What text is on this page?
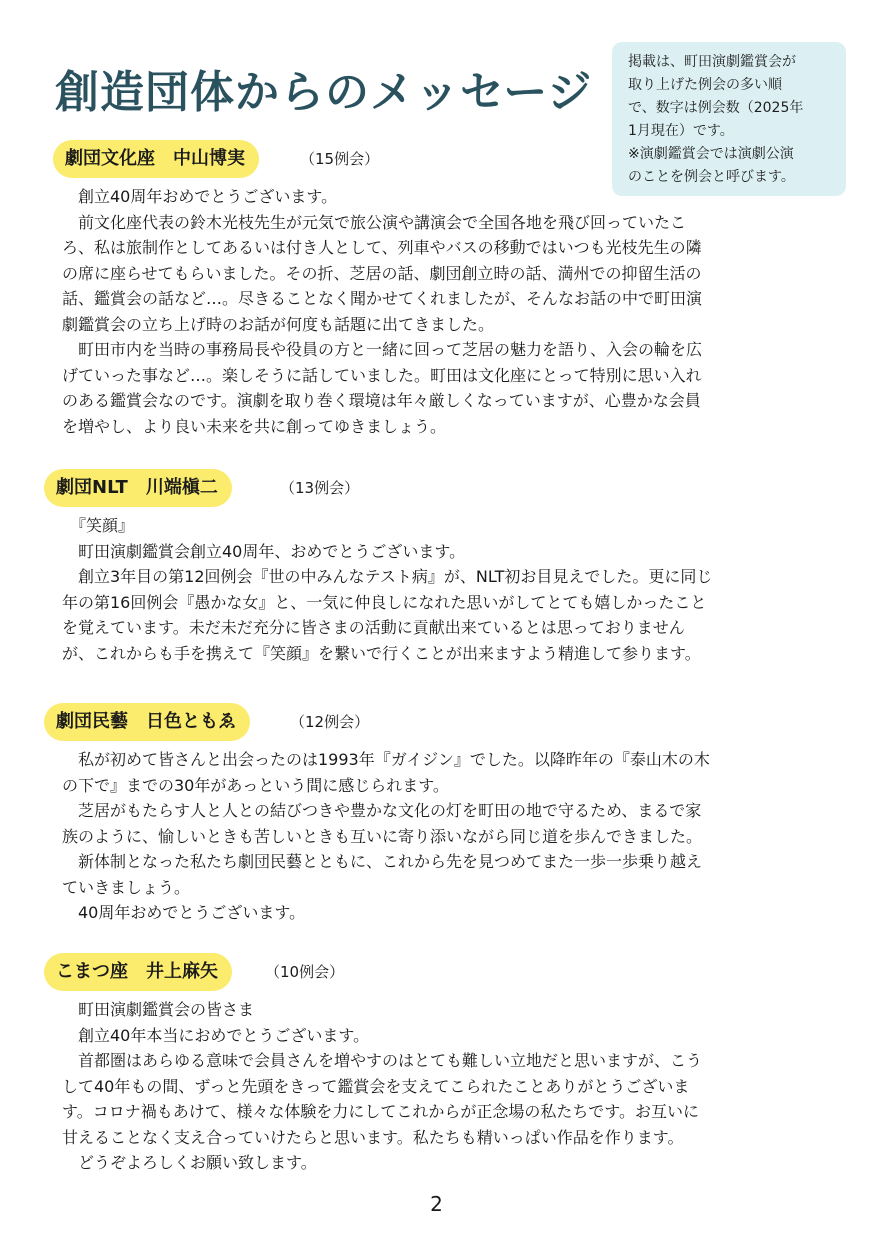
創造団体からのメッセージ
掲載は、町田演劇鑑賞会が
取り上げた例会の多い順
で、数字は例会数（2025年
1月現在）です。
※演劇鑑賞会では演劇公演
のことを例会と呼びます。
劇団文化座　中山博実	（15例会）

　創立40周年おめでとうございます。

　前文化座代表の鈴木光枝先生が元気で旅公演や講演会で全国各地を飛び回っていたこ

ろ、私は旅制作としてあるいは付き人として、列車やバスの移動ではいつも光枝先生の隣

の席に座らせてもらいました。その折、芝居の話、劇団創立時の話、満州での抑留生活の

話、鑑賞会の話など…。尽きることなく聞かせてくれましたが、そんなお話の中で町田演

劇鑑賞会の立ち上げ時のお話が何度も話題に出てきました。

　町田市内を当時の事務局長や役員の方と一緒に回って芝居の魅力を語り、入会の輪を広

げていった事など…。楽しそうに話していました。町田は文化座にとって特別に思い入れ

のある鑑賞会なのです。演劇を取り巻く環境は年々厳しくなっていますが、心豊かな会員

を増やし、より良い未来を共に創ってゆきましょう。

劇団NLT　川端槇二	（13例会）

　『笑顔』

　町田演劇鑑賞会創立40周年、おめでとうございます。

　創立3年目の第12回例会『世の中みんなテスト病』が、NLT初お目見えでした。更に同じ

年の第16回例会『愚かな女』と、一気に仲良しになれた思いがしてとても嬉しかったこと

を覚えています。未だ未だ充分に皆さまの活動に貢献出来ているとは思っておりません

が、これからも手を携えて『笑顔』を繋いで行くことが出来ますよう精進して参ります。

劇団民藝　日色ともゑ	（12例会）

　私が初めて皆さんと出会ったのは1993年『ガイジン』でした。以降昨年の『泰山木の木

の下で』までの30年があっという間に感じられます。

　芝居がもたらす人と人との結びつきや豊かな文化の灯を町田の地で守るため、まるで家

族のように、愉しいときも苦しいときも互いに寄り添いながら同じ道を歩んできました。

　新体制となった私たち劇団民藝とともに、これから先を見つめてまた一歩一歩乗り越え

ていきましょう。

　40周年おめでとうございます。

こまつ座　井上麻矢	（10例会）

　町田演劇鑑賞会の皆さま

　創立40年本当におめでとうございます。

　首都圏はあらゆる意味で会員さんを増やすのはとても難しい立地だと思いますが、こう

して40年もの間、ずっと先頭をきって鑑賞会を支えてこられたことありがとうございま

す。コロナ禍もあけて、様々な体験を力にしてこれからが正念場の私たちです。お互いに

甘えることなく支え合っていけたらと思います。私たちも精いっぱい作品を作ります。

　どうぞよろしくお願い致します。

2
